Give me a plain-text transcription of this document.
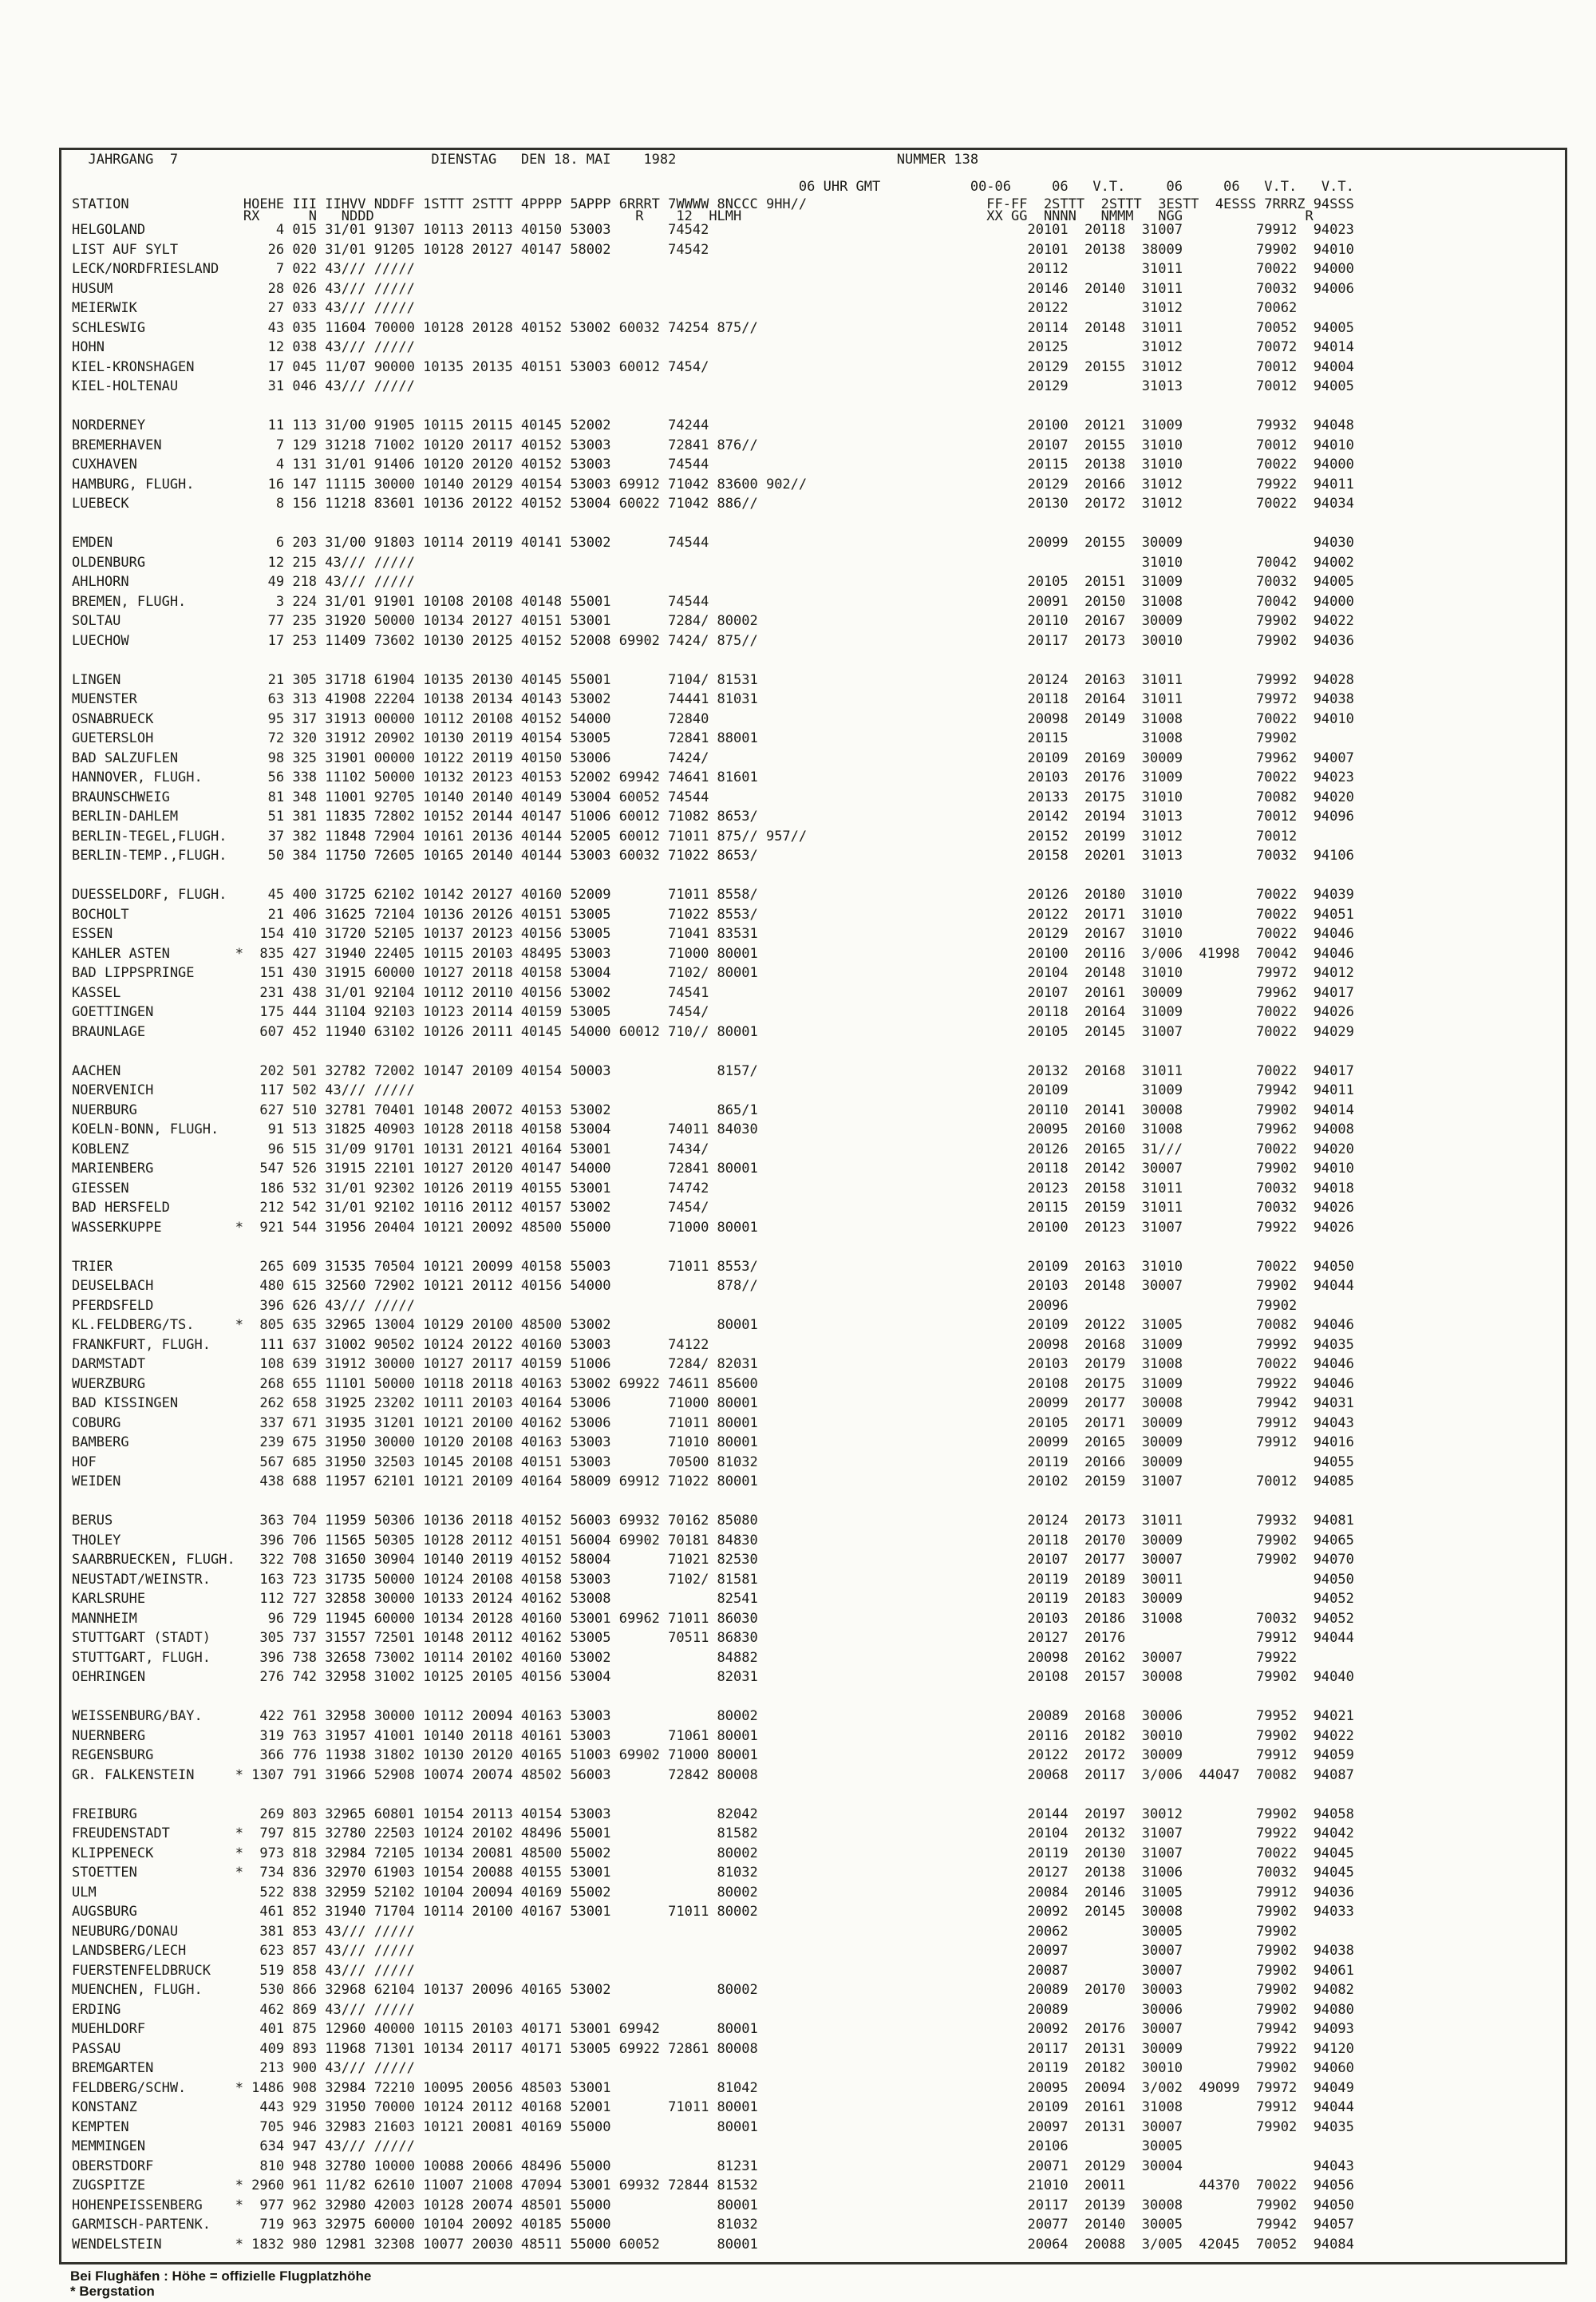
JAHRGANG  7                               DIENSTAG   DEN 18. MAI    1982                           NUMMER 138
06 UHR GMT           00-06     06   V.T.     06     06   V.T.   V.T.
STATION              HOEHE III IIHVV NDDFF 1STTT 2STTT 4PPPP 5APPP 6RRRT 7WWWW 8NCCC 9HH//                      FF-FF  2STTT  2STTT  3ESTT  4ESSS 7RRRZ 94SSS
RX      N   NDDD                                R    12  HLMH                              XX GG  NNNN   NMMM   NGG               R
HELGOLAND                4 015 31/01 91307 10113 20113 40150 53003       74542                                       20101  20118  31007         79912  94023
LIST AUF SYLT           26 020 31/01 91205 10128 20127 40147 58002       74542                                       20101  20138  38009         79902  94010
LECK/NORDFRIESLAND       7 022 43/// /////                                                                           20112         31011         70022  94000
HUSUM                   28 026 43/// /////                                                                           20146  20140  31011         70032  94006
MEIERWIK                27 033 43/// /////                                                                           20122         31012         70062
SCHLESWIG               43 035 11604 70000 10128 20128 40152 53002 60032 74254 875//                                 20114  20148  31011         70052  94005
HOHN                    12 038 43/// /////                                                                           20125         31012         70072  94014
KIEL-KRONSHAGEN         17 045 11/07 90000 10135 20135 40151 53003 60012 7454/                                       20129  20155  31012         70012  94004
KIEL-HOLTENAU           31 046 43/// /////                                                                           20129         31013         70012  94005

NORDERNEY               11 113 31/00 91905 10115 20115 40145 52002       74244                                       20100  20121  31009         79932  94048
BREMERHAVEN              7 129 31218 71002 10120 20117 40152 53003       72841 876//                                 20107  20155  31010         70012  94010
CUXHAVEN                 4 131 31/01 91406 10120 20120 40152 53003       74544                                       20115  20138  31010         70022  94000
HAMBURG, FLUGH.         16 147 11115 30000 10140 20129 40154 53003 69912 71042 83600 902//                           20129  20166  31012         79922  94011
LUEBECK                  8 156 11218 83601 10136 20122 40152 53004 60022 71042 886//                                 20130  20172  31012         70022  94034

EMDEN                    6 203 31/00 91803 10114 20119 40141 53002       74544                                       20099  20155  30009                94030
OLDENBURG               12 215 43/// /////                                                                                         31010         70042  94002
AHLHORN                 49 218 43/// /////                                                                           20105  20151  31009         70032  94005
BREMEN, FLUGH.           3 224 31/01 91901 10108 20108 40148 55001       74544                                       20091  20150  31008         70042  94000
SOLTAU                  77 235 31920 50000 10134 20127 40151 53001       7284/ 80002                                 20110  20167  30009         79902  94022
LUECHOW                 17 253 11409 73602 10130 20125 40152 52008 69902 7424/ 875//                                 20117  20173  30010         79902  94036

LINGEN                  21 305 31718 61904 10135 20130 40145 55001       7104/ 81531                                 20124  20163  31011         79992  94028
MUENSTER                63 313 41908 22204 10138 20134 40143 53002       74441 81031                                 20118  20164  31011         79972  94038
OSNABRUECK              95 317 31913 00000 10112 20108 40152 54000       72840                                       20098  20149  31008         70022  94010
GUETERSLOH              72 320 31912 20902 10130 20119 40154 53005       72841 88001                                 20115         31008         79902
BAD SALZUFLEN           98 325 31901 00000 10122 20119 40150 53006       7424/                                       20109  20169  30009         79962  94007
HANNOVER, FLUGH.        56 338 11102 50000 10132 20123 40153 52002 69942 74641 81601                                 20103  20176  31009         70022  94023
BRAUNSCHWEIG            81 348 11001 92705 10140 20140 40149 53004 60052 74544                                       20133  20175  31010         70082  94020
BERLIN-DAHLEM           51 381 11835 72802 10152 20144 40147 51006 60012 71082 8653/                                 20142  20194  31013         70012  94096
BERLIN-TEGEL,FLUGH.     37 382 11848 72904 10161 20136 40144 52005 60012 71011 875// 957//                           20152  20199  31012         70012
BERLIN-TEMP.,FLUGH.     50 384 11750 72605 10165 20140 40144 53003 60032 71022 8653/                                 20158  20201  31013         70032  94106

DUESSELDORF, FLUGH.     45 400 31725 62102 10142 20127 40160 52009       71011 8558/                                 20126  20180  31010         70022  94039
BOCHOLT                 21 406 31625 72104 10136 20126 40151 53005       71022 8553/                                 20122  20171  31010         70022  94051
ESSEN                  154 410 31720 52105 10137 20123 40156 53005       71041 83531                                 20129  20167  31010         70022  94046
KAHLER ASTEN        *  835 427 31940 22405 10115 20103 48495 53003       71000 80001                                 20100  20116  3/006  41998  70042  94046
BAD LIPPSPRINGE        151 430 31915 60000 10127 20118 40158 53004       7102/ 80001                                 20104  20148  31010         79972  94012
KASSEL                 231 438 31/01 92104 10112 20110 40156 53002       74541                                       20107  20161  30009         79962  94017
GOETTINGEN             175 444 31104 92103 10123 20114 40159 53005       7454/                                       20118  20164  31009         70022  94026
BRAUNLAGE              607 452 11940 63102 10126 20111 40145 54000 60012 710// 80001                                 20105  20145  31007         70022  94029

AACHEN                 202 501 32782 72002 10147 20109 40154 50003             8157/                                 20132  20168  31011         70022  94017
NOERVENICH             117 502 43/// /////                                                                           20109         31009         79942  94011
NUERBURG               627 510 32781 70401 10148 20072 40153 53002             865/1                                 20110  20141  30008         79902  94014
KOELN-BONN, FLUGH.      91 513 31825 40903 10128 20118 40158 53004       74011 84030                                 20095  20160  31008         79962  94008
KOBLENZ                 96 515 31/09 91701 10131 20121 40164 53001       7434/                                       20126  20165  31///         70022  94020
MARIENBERG             547 526 31915 22101 10127 20120 40147 54000       72841 80001                                 20118  20142  30007         79902  94010
GIESSEN                186 532 31/01 92302 10126 20119 40155 53001       74742                                       20123  20158  31011         70032  94018
BAD HERSFELD           212 542 31/01 92102 10116 20112 40157 53002       7454/                                       20115  20159  31011         70032  94026
WASSERKUPPE         *  921 544 31956 20404 10121 20092 48500 55000       71000 80001                                 20100  20123  31007         79922  94026

TRIER                  265 609 31535 70504 10121 20099 40158 55003       71011 8553/                                 20109  20163  31010         70022  94050
DEUSELBACH             480 615 32560 72902 10121 20112 40156 54000             878//                                 20103  20148  30007         79902  94044
PFERDSFELD             396 626 43/// /////                                                                           20096                       79902
KL.FELDBERG/TS.     *  805 635 32965 13004 10129 20100 48500 53002             80001                                 20109  20122  31005         70082  94046
FRANKFURT, FLUGH.      111 637 31002 90502 10124 20122 40160 53003       74122                                       20098  20168  31009         79992  94035
DARMSTADT              108 639 31912 30000 10127 20117 40159 51006       7284/ 82031                                 20103  20179  31008         70022  94046
WUERZBURG              268 655 11101 50000 10118 20118 40163 53002 69922 74611 85600                                 20108  20175  31009         79922  94046
BAD KISSINGEN          262 658 31925 23202 10111 20103 40164 53006       71000 80001                                 20099  20177  30008         79942  94031
COBURG                 337 671 31935 31201 10121 20100 40162 53006       71011 80001                                 20105  20171  30009         79912  94043
BAMBERG                239 675 31950 30000 10120 20108 40163 53003       71010 80001                                 20099  20165  30009         79912  94016
HOF                    567 685 31950 32503 10145 20108 40151 53003       70500 81032                                 20119  20166  30009                94055
WEIDEN                 438 688 11957 62101 10121 20109 40164 58009 69912 71022 80001                                 20102  20159  31007         70012  94085

BERUS                  363 704 11959 50306 10136 20118 40152 56003 69932 70162 85080                                 20124  20173  31011         79932  94081
THOLEY                 396 706 11565 50305 10128 20112 40151 56004 69902 70181 84830                                 20118  20170  30009         79902  94065
SAARBRUECKEN, FLUGH.   322 708 31650 30904 10140 20119 40152 58004       71021 82530                                 20107  20177  30007         79902  94070
NEUSTADT/WEINSTR.      163 723 31735 50000 10124 20108 40158 53003       7102/ 81581                                 20119  20189  30011                94050
KARLSRUHE              112 727 32858 30000 10133 20124 40162 53008             82541                                 20119  20183  30009                94052
MANNHEIM                96 729 11945 60000 10134 20128 40160 53001 69962 71011 86030                                 20103  20186  31008         70032  94052
STUTTGART (STADT)      305 737 31557 72501 10148 20112 40162 53005       70511 86830                                 20127  20176                79912  94044
STUTTGART, FLUGH.      396 738 32658 73002 10114 20102 40160 53002             84882                                 20098  20162  30007         79922
OEHRINGEN              276 742 32958 31002 10125 20105 40156 53004             82031                                 20108  20157  30008         79902  94040

WEISSENBURG/BAY.       422 761 32958 30000 10112 20094 40163 53003             80002                                 20089  20168  30006         79952  94021
NUERNBERG              319 763 31957 41001 10140 20118 40161 53003       71061 80001                                 20116  20182  30010         79902  94022
REGENSBURG             366 776 11938 31802 10130 20120 40165 51003 69902 71000 80001                                 20122  20172  30009         79912  94059
GR. FALKENSTEIN     * 1307 791 31966 52908 10074 20074 48502 56003       72842 80008                                 20068  20117  3/006  44047  70082  94087

FREIBURG               269 803 32965 60801 10154 20113 40154 53003             82042                                 20144  20197  30012         79902  94058
FREUDENSTADT        *  797 815 32780 22503 10124 20102 48496 55001             81582                                 20104  20132  31007         79922  94042
KLIPPENECK          *  973 818 32984 72105 10134 20081 48500 55002             80002                                 20119  20130  31007         70022  94045
STOETTEN            *  734 836 32970 61903 10154 20088 40155 53001             81032                                 20127  20138  31006         70032  94045
ULM                    522 838 32959 52102 10104 20094 40169 55002             80002                                 20084  20146  31005         79912  94036
AUGSBURG               461 852 31940 71704 10114 20100 40167 53001       71011 80002                                 20092  20145  30008         79902  94033
NEUBURG/DONAU          381 853 43/// /////                                                                           20062         30005         79902
LANDSBERG/LECH         623 857 43/// /////                                                                           20097         30007         79902  94038
FUERSTENFELDBRUCK      519 858 43/// /////                                                                           20087         30007         79902  94061
MUENCHEN, FLUGH.       530 866 32968 62104 10137 20096 40165 53002             80002                                 20089  20170  30003         79902  94082
ERDING                 462 869 43/// /////                                                                           20089         30006         79902  94080
MUEHLDORF              401 875 12960 40000 10115 20103 40171 53001 69942       80001                                 20092  20176  30007         79942  94093
PASSAU                 409 893 11968 71301 10134 20117 40171 53005 69922 72861 80008                                 20117  20131  30009         79922  94120
BREMGARTEN             213 900 43/// /////                                                                           20119  20182  30010         79902  94060
FELDBERG/SCHW.      * 1486 908 32984 72210 10095 20056 48503 53001             81042                                 20095  20094  3/002  49099  79972  94049
KONSTANZ               443 929 31950 70000 10124 20112 40168 52001       71011 80001                                 20109  20161  31008         79912  94044
KEMPTEN                705 946 32983 21603 10121 20081 40169 55000             80001                                 20097  20131  30007         79902  94035
MEMMINGEN              634 947 43/// /////                                                                           20106         30005
OBERSTDORF             810 948 32780 10000 10088 20066 48496 55000             81231                                 20071  20129  30004                94043
ZUGSPITZE           * 2960 961 11/82 62610 11007 21008 47094 53001 69932 72844 81532                                 21010  20011         44370  70022  94056
HOHENPEISSENBERG    *  977 962 32980 42003 10128 20074 48501 55000             80001                                 20117  20139  30008         79902  94050
GARMISCH-PARTENK.      719 963 32975 60000 10104 20092 40185 55000             81032                                 20077  20140  30005         79942  94057
WENDELSTEIN         * 1832 980 12981 32308 10077 20030 48511 55000 60052       80001                                 20064  20088  3/005  42045  70052  94084
Bei Flughäfen : Höhe = offizielle Flugplatzhöhe
* Bergstation
